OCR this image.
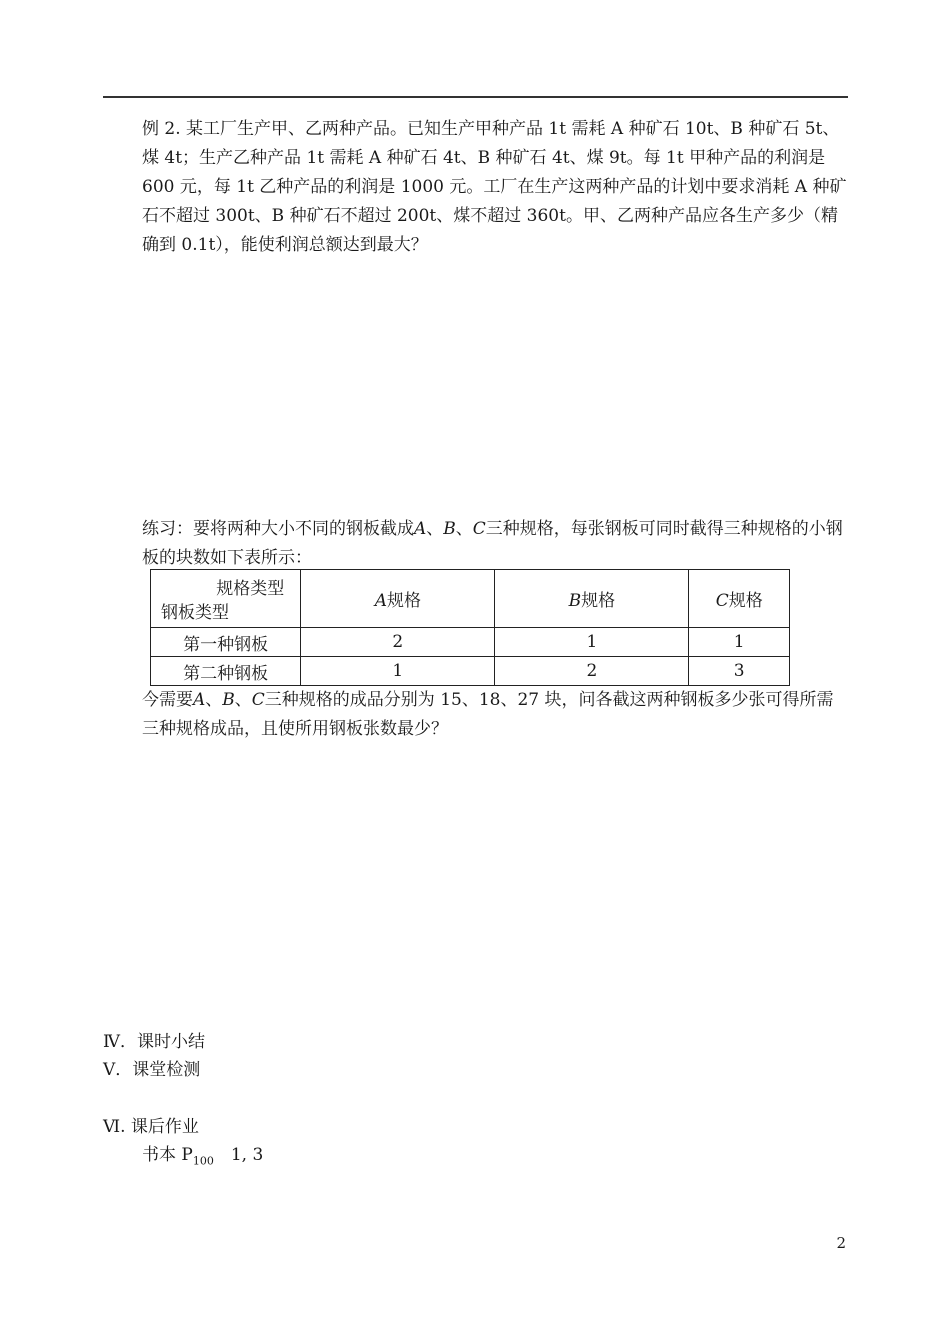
例 2. 某工厂生产甲、乙两种产品。已知生产甲种产品 1t 需耗 A 种矿石 10t、B 种矿石 5t、煤 4t；生产乙种产品 1t 需耗 A 种矿石 4t、B 种矿石 4t、煤 9t。每 1t 甲种产品的利润是 600 元，每 1t 乙种产品的利润是 1000 元。工厂在生产这两种产品的计划中要求消耗 A 种矿石不超过 300t、B 种矿石不超过 200t、煤不超过 360t。甲、乙两种产品应各生产多少（精确到 0.1t），能使利润总额达到最大？

练习：要将两种大小不同的钢板截成A、B、C三种规格，每张钢板可同时截得三种规格的小钢板的块数如下表所示：

规格类型
钢板类型	A规格	B规格	C规格
第一种钢板	2	1	1
第二种钢板	1	2	3

今需要A、B、C三种规格的成品分别为 15、18、27 块，问各截这两种钢板多少张可得所需三种规格成品，且使所用钢板张数最少？

Ⅳ．课时小结

Ⅴ．课堂检测

Ⅵ. 课后作业

书本 $P_{100}$　1, 3

2
